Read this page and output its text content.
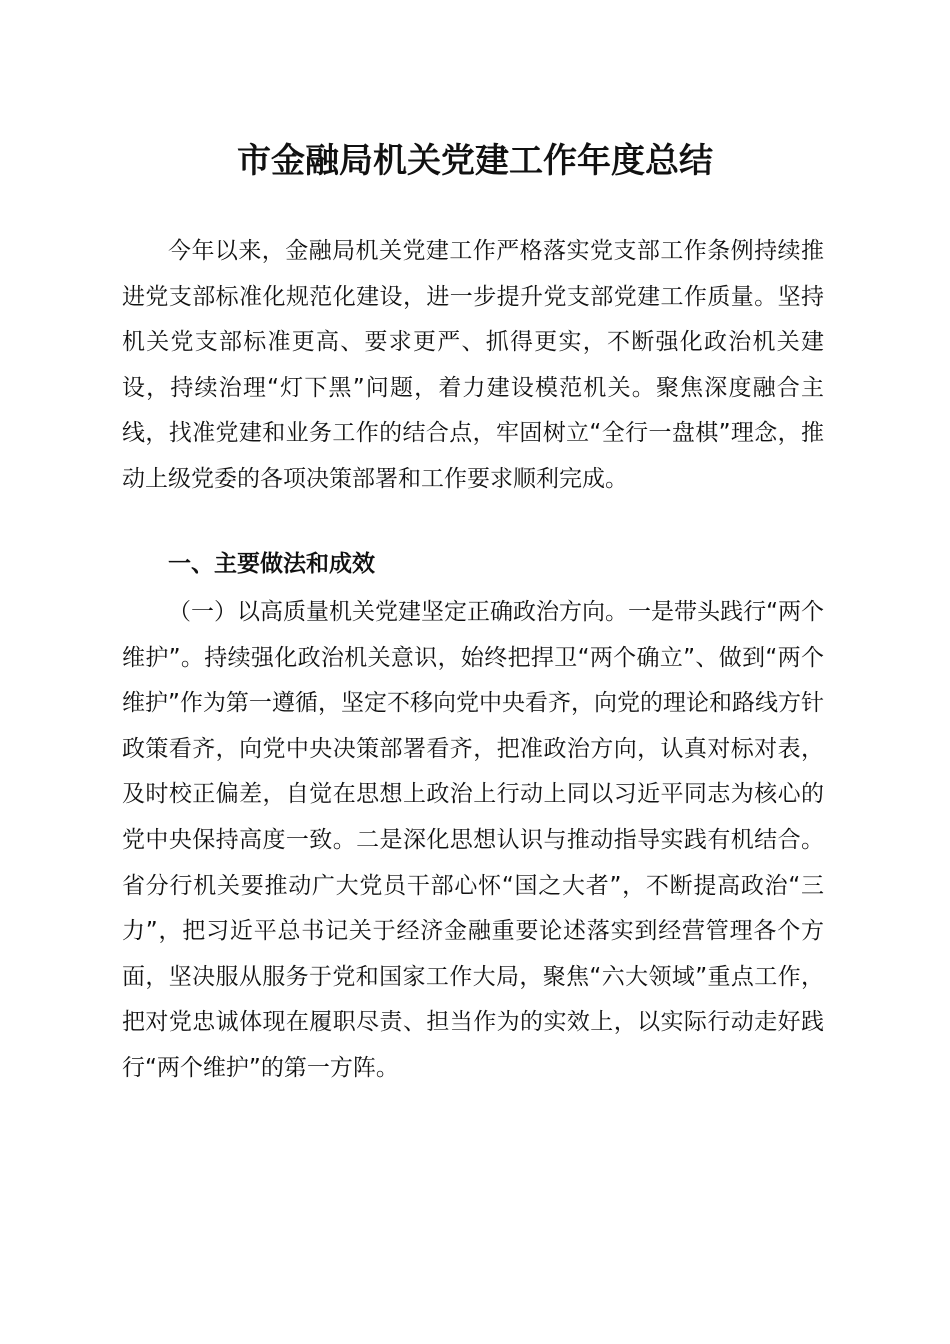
市金融局机关党建工作年度总结

今年以来，金融局机关党建工作严格落实党支部工作条例持续推进党支部标准化规范化建设，进一步提升党支部党建工作质量。坚持机关党支部标准更高、要求更严、抓得更实，不断强化政治机关建设，持续治理“灯下黑”问题，着力建设模范机关。聚焦深度融合主线，找准党建和业务工作的结合点，牢固树立“全行一盘棋”理念，推动上级党委的各项决策部署和工作要求顺利完成。

一、主要做法和成效

（一）以高质量机关党建坚定正确政治方向。一是带头践行“两个维护”。持续强化政治机关意识，始终把捍卫“两个确立”、做到“两个维护”作为第一遵循，坚定不移向党中央看齐，向党的理论和路线方针政策看齐，向党中央决策部署看齐，把准政治方向，认真对标对表，及时校正偏差，自觉在思想上政治上行动上同以习近平同志为核心的党中央保持高度一致。二是深化思想认识与推动指导实践有机结合。省分行机关要推动广大党员干部心怀“国之大者”，不断提高政治“三力”，把习近平总书记关于经济金融重要论述落实到经营管理各个方面，坚决服从服务于党和国家工作大局，聚焦“六大领域”重点工作，把对党忠诚体现在履职尽责、担当作为的实效上，以实际行动走好践行“两个维护”的第一方阵。
